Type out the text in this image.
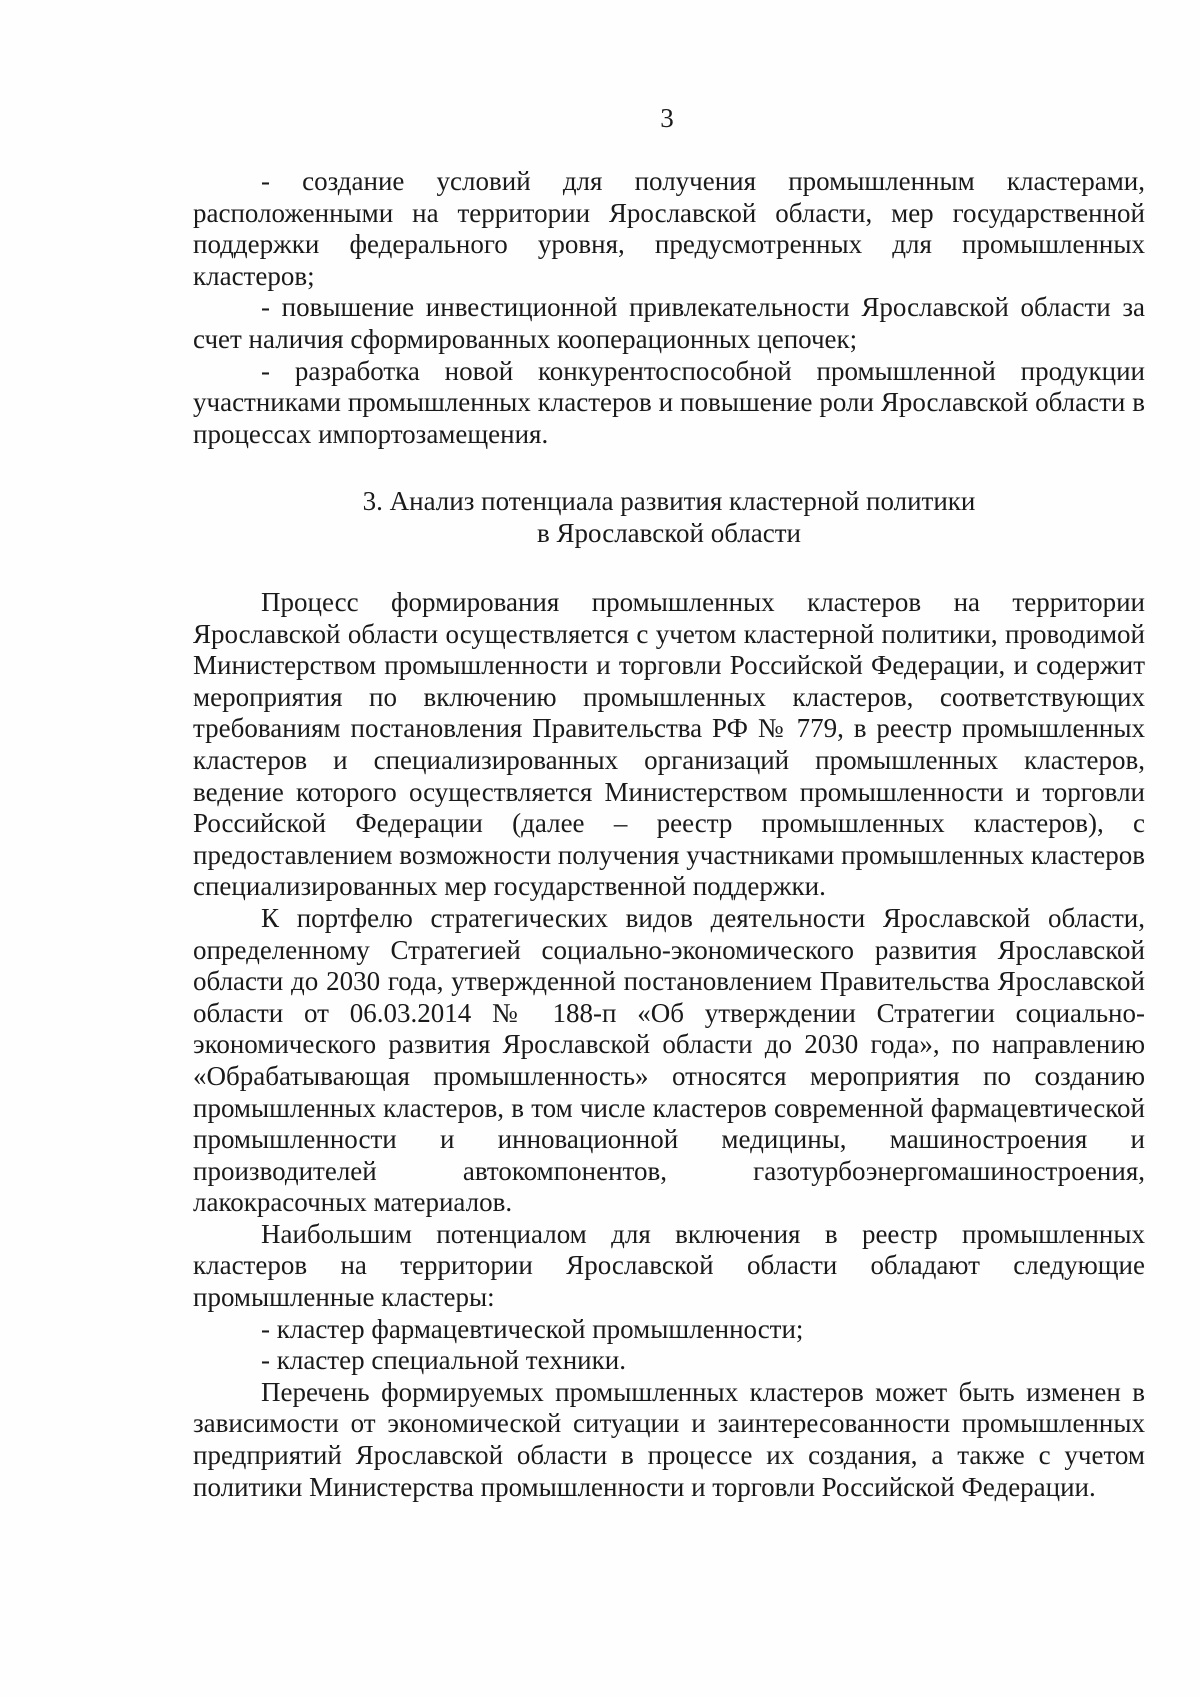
3

- создание условий для получения промышленным кластерами, расположенными на территории Ярославской области, мер государственной поддержки федерального уровня, предусмотренных для промышленных кластеров;

- повышение инвестиционной привлекательности Ярославской области за счет наличия сформированных кооперационных цепочек;

- разработка новой конкурентоспособной промышленной продукции участниками промышленных кластеров и повышение роли Ярославской области в процессах импортозамещения.

3. Анализ потенциала развития кластерной политики
в Ярославской области

Процесс формирования промышленных кластеров на территории Ярославской области осуществляется с учетом кластерной политики, проводимой Министерством промышленности и торговли Российской Федерации, и содержит мероприятия по включению промышленных кластеров, соответствующих требованиям постановления Правительства РФ № 779, в реестр промышленных кластеров и специализированных организаций промышленных кластеров, ведение которого осуществляется Министерством промышленности и торговли Российской Федерации (далее – реестр промышленных кластеров), с предоставлением возможности получения участниками промышленных кластеров специализированных мер государственной поддержки.

К портфелю стратегических видов деятельности Ярославской области, определенному Стратегией социально-экономического развития Ярославской области до 2030 года, утвержденной постановлением Правительства Ярославской области от 06.03.2014 № 188-п «Об утверждении Стратегии социально-экономического развития Ярославской области до 2030 года», по направлению «Обрабатывающая промышленность» относятся мероприятия по созданию промышленных кластеров, в том числе кластеров современной фармацевтической промышленности и инновационной медицины, машиностроения и производителей автокомпонентов, газотурбоэнергомашиностроения, лакокрасочных материалов.

Наибольшим потенциалом для включения в реестр промышленных кластеров на территории Ярославской области обладают следующие промышленные кластеры:

- кластер фармацевтической промышленности;

- кластер специальной техники.

Перечень формируемых промышленных кластеров может быть изменен в зависимости от экономической ситуации и заинтересованности промышленных предприятий Ярославской области в процессе их создания, а также с учетом политики Министерства промышленности и торговли Российской Федерации.
